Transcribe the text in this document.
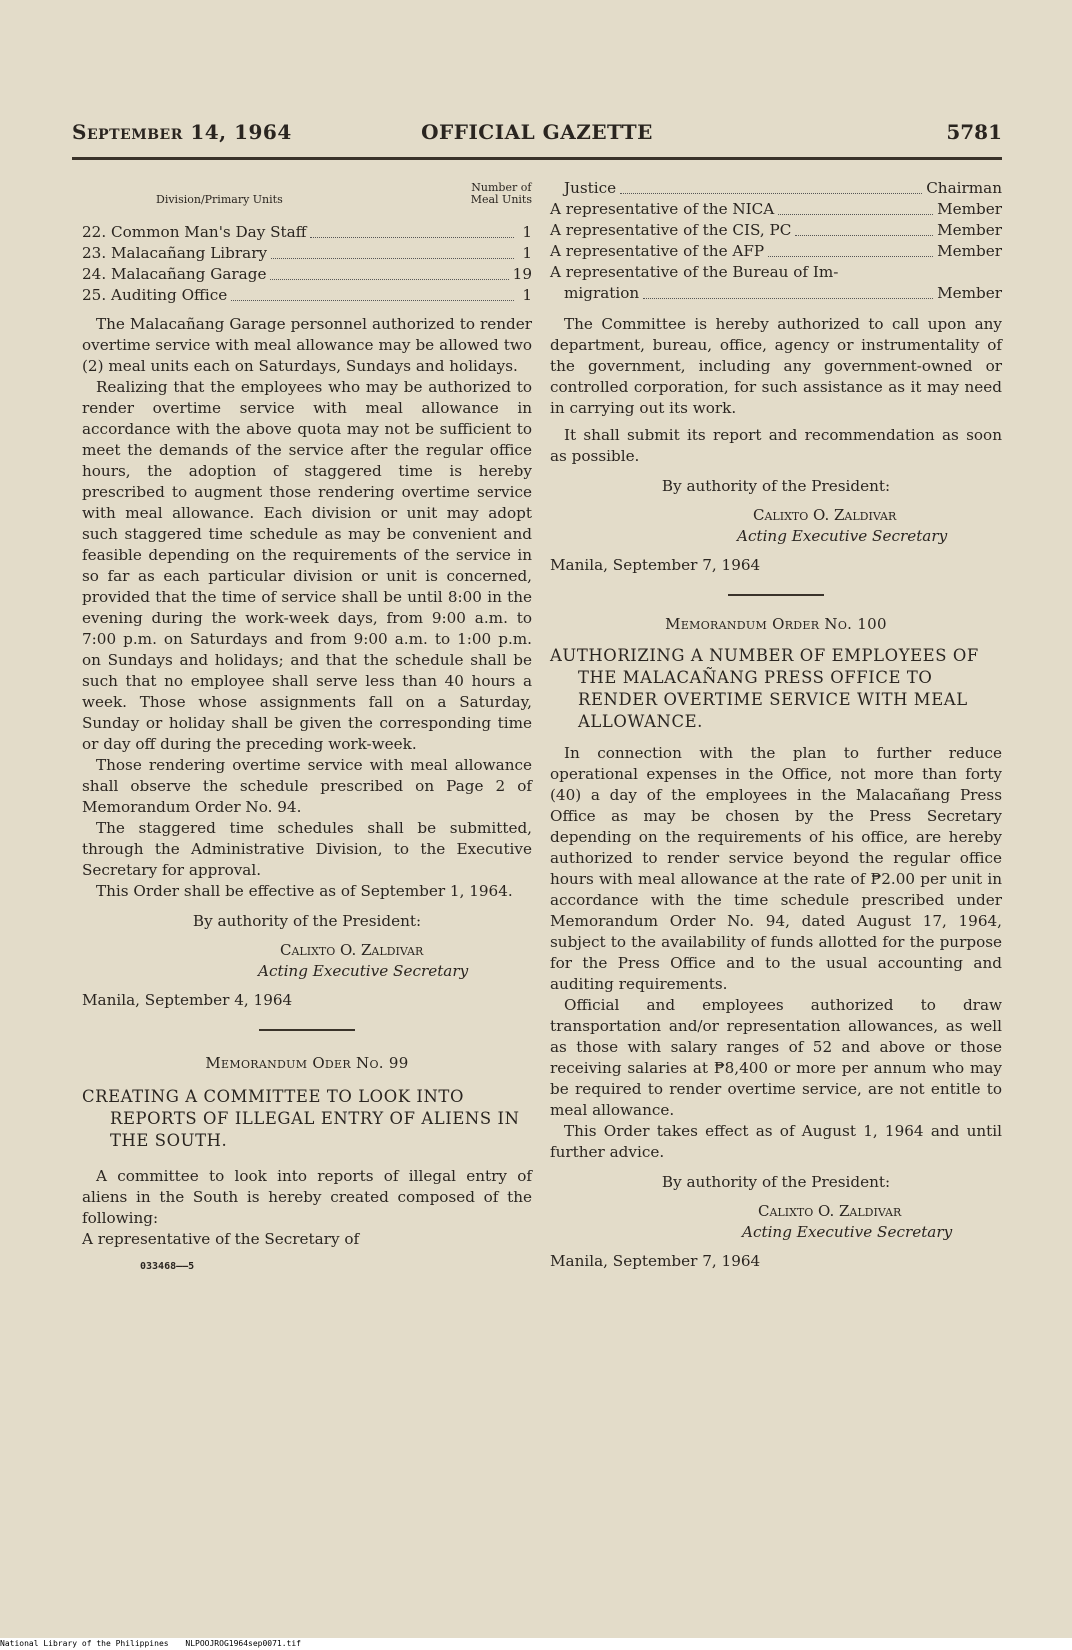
September 14, 1964	OFFICIAL GAZETTE	5781
Division/Primary Units
Number of
Meal Units
22. Common Man's Day Staff	1
23. Malacañang Library	1
24. Malacañang Garage	19
25. Auditing Office	1

The Malacañang Garage personnel authorized to render overtime service with meal allowance may be allowed two (2) meal units each on Saturdays, Sundays and holidays.

Realizing that the employees who may be authorized to render overtime service with meal allowance in accordance with the above quota may not be sufficient to meet the demands of the service after the regular office hours, the adoption of staggered time is hereby prescribed to augment those rendering overtime service with meal allowance. Each division or unit may adopt such staggered time schedule as may be convenient and feasible depending on the requirements of the service in so far as each particular division or unit is concerned, provided that the time of service shall be until 8:00 in the evening during the work-week days, from 9:00 a.m. to 7:00 p.m. on Saturdays and from 9:00 a.m. to 1:00 p.m. on Sundays and holidays; and that the schedule shall be such that no employee shall serve less than 40 hours a week. Those whose assignments fall on a Saturday, Sunday or holiday shall be given the corresponding time or day off during the preceding work-week.

Those rendering overtime service with meal allowance shall observe the schedule prescribed on Page 2 of Memorandum Order No. 94.

The staggered time schedules shall be submitted, through the Administrative Division, to the Executive Secretary for approval.

This Order shall be effective as of September 1, 1964.

By authority of the President:

Calixto O. Zaldivar
Acting Executive Secretary
Manila, September 4, 1964
Memorandum Oder No. 99
CREATING A COMMITTEE TO LOOK INTO REPORTS OF ILLEGAL ENTRY OF ALIENS IN THE SOUTH.

A committee to look into reports of illegal entry of aliens in the South is hereby created composed of the following:

A representative of the Secretary of

033468——5
Justice	Chairman
A representative of the NICA	Member
A representative of the CIS, PC	Member
A representative of the AFP	Member
A representative of the Bureau of Im-
migration	Member

The Committee is hereby authorized to call upon any department, bureau, office, agency or instrumentality of the government, including any government-owned or controlled corporation, for such assistance as it may need in carrying out its work.

It shall submit its report and recommendation as soon as possible.

By authority of the President:

Calixto O. Zaldivar
Acting Executive Secretary
Manila, September 7, 1964
Memorandum Order No. 100
AUTHORIZING A NUMBER OF EMPLOYEES OF THE MALACAÑANG PRESS OFFICE TO RENDER OVERTIME SERVICE WITH MEAL ALLOWANCE.

In connection with the plan to further reduce operational expenses in the Office, not more than forty (40) a day of the employees in the Malacañang Press Office as may be chosen by the Press Secretary depending on the requirements of his office, are hereby authorized to render service beyond the regular office hours with meal allowance at the rate of ₱2.00 per unit in accordance with the time schedule prescribed under Memorandum Order No. 94, dated August 17, 1964, subject to the availability of funds allotted for the purpose for the Press Office and to the usual accounting and auditing requirements.

Official and employees authorized to draw transportation and/or representation allowances, as well as those with salary ranges of 52 and above or those receiving salaries at ₱8,400 or more per annum who may be required to render overtime service, are not entitle to meal allowance.

This Order takes effect as of August 1, 1964 and until further advice.

By authority of the President:

Calixto O. Zaldivar
Acting Executive Secretary
Manila, September 7, 1964
National Library of the Philippines NLPOOJROG1964sep0071.tif
